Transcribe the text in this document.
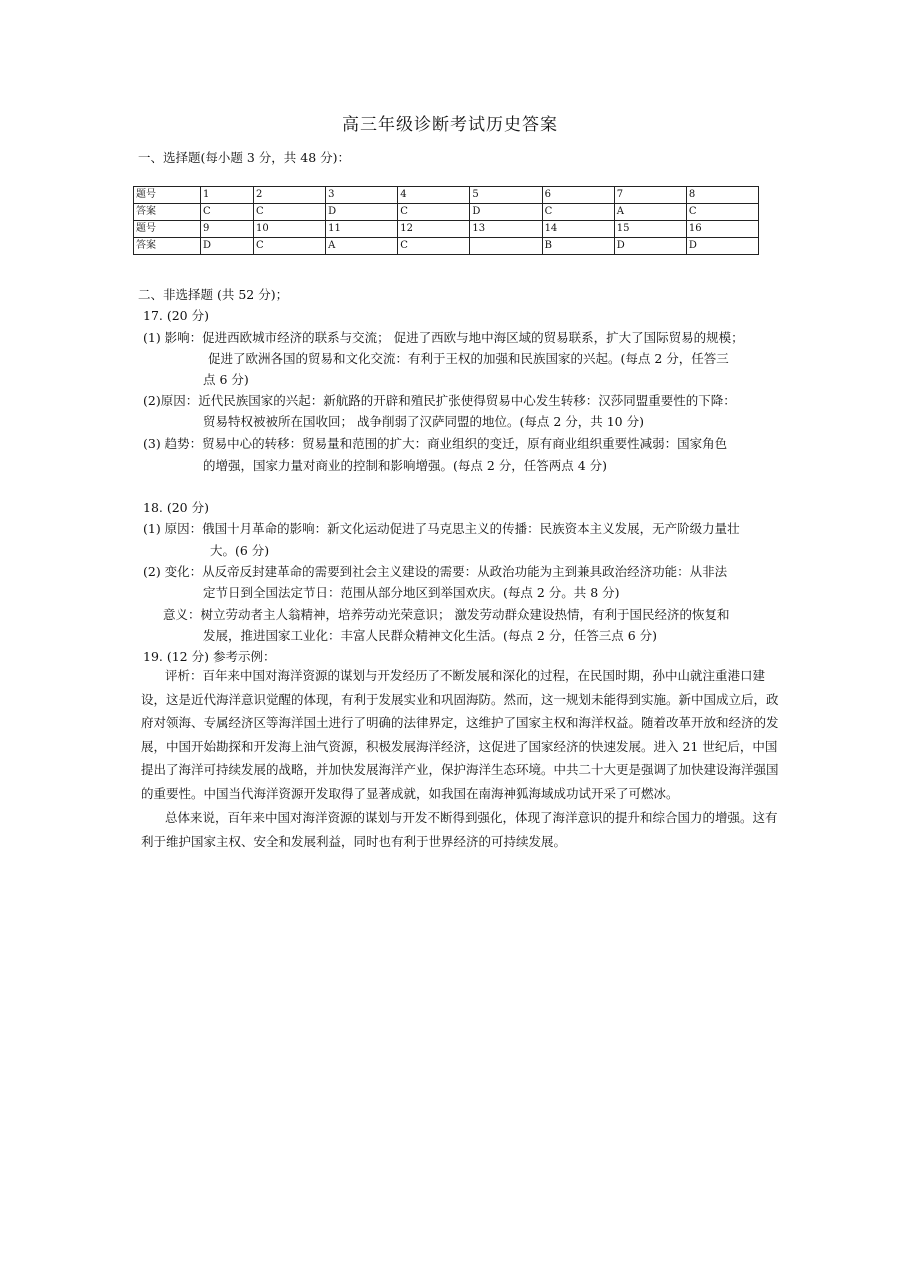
高三年级诊断考试历史答案
一、选择题(每小题 3 分，共 48 分)：
题号	1	2	3	4	5	6	7	8
答案	C	C	D	C	D	C	A	C
题号	9	10	11	12	13	14	15	16
答案	D	C	A	C		B	D	D
二、非选择题 (共 52 分)；
17. (20 分)
(1) 影响：促进西欧城市经济的联系与交流； 促进了西欧与地中海区域的贸易联系，扩大了国际贸易的规模；
促进了欧洲各国的贸易和文化交流：有利于王权的加强和民族国家的兴起。(每点 2 分，任答三
点 6 分)
(2)原因：近代民族国家的兴起：新航路的开辟和殖民扩张使得贸易中心发生转移：汉莎同盟重要性的下降：
贸易特权被被所在国收回； 战争削弱了汉萨同盟的地位。(每点 2 分，共 10 分)
(3) 趋势：贸易中心的转移：贸易量和范围的扩大：商业组织的变迁，原有商业组织重要性减弱：国家角色
的增强，国家力量对商业的控制和影响增强。(每点 2 分，任答两点 4 分)
18. (20 分)
(1) 原因：俄国十月革命的影响：新文化运动促进了马克思主义的传播：民族资本主义发展，无产阶级力量壮
大。(6 分)
(2) 变化：从反帝反封建革命的需要到社会主义建设的需要：从政治功能为主到兼具政治经济功能：从非法
定节日到全国法定节日：范围从部分地区到举国欢庆。(每点 2 分。共 8 分)
意义：树立劳动者主人翁精神，培养劳动光荣意识； 激发劳动群众建设热情，有利于国民经济的恢复和
发展，推进国家工业化：丰富人民群众精神文化生活。(每点 2 分，任答三点 6 分)
19. (12 分) 参考示例：
评析：百年来中国对海洋资源的谋划与开发经历了不断发展和深化的过程，在民国时期，孙中山就注重港口建设，这是近代海洋意识觉醒的体现，有利于发展实业和巩固海防。然而，这一规划未能得到实施。新中国成立后，政府对领海、专属经济区等海洋国土进行了明确的法律界定，这维护了国家主权和海洋权益。随着改革开放和经济的发展，中国开始勘探和开发海上油气资源，积极发展海洋经济，这促进了国家经济的快速发展。进入 21 世纪后，中国提出了海洋可持续发展的战略，并加快发展海洋产业，保护海洋生态环境。中共二十大更是强调了加快建设海洋强国的重要性。中国当代海洋资源开发取得了显著成就，如我国在南海神狐海域成功试开采了可燃冰。
总体来说，百年来中国对海洋资源的谋划与开发不断得到强化，体现了海洋意识的提升和综合国力的增强。这有利于维护国家主权、安全和发展利益，同时也有利于世界经济的可持续发展。
